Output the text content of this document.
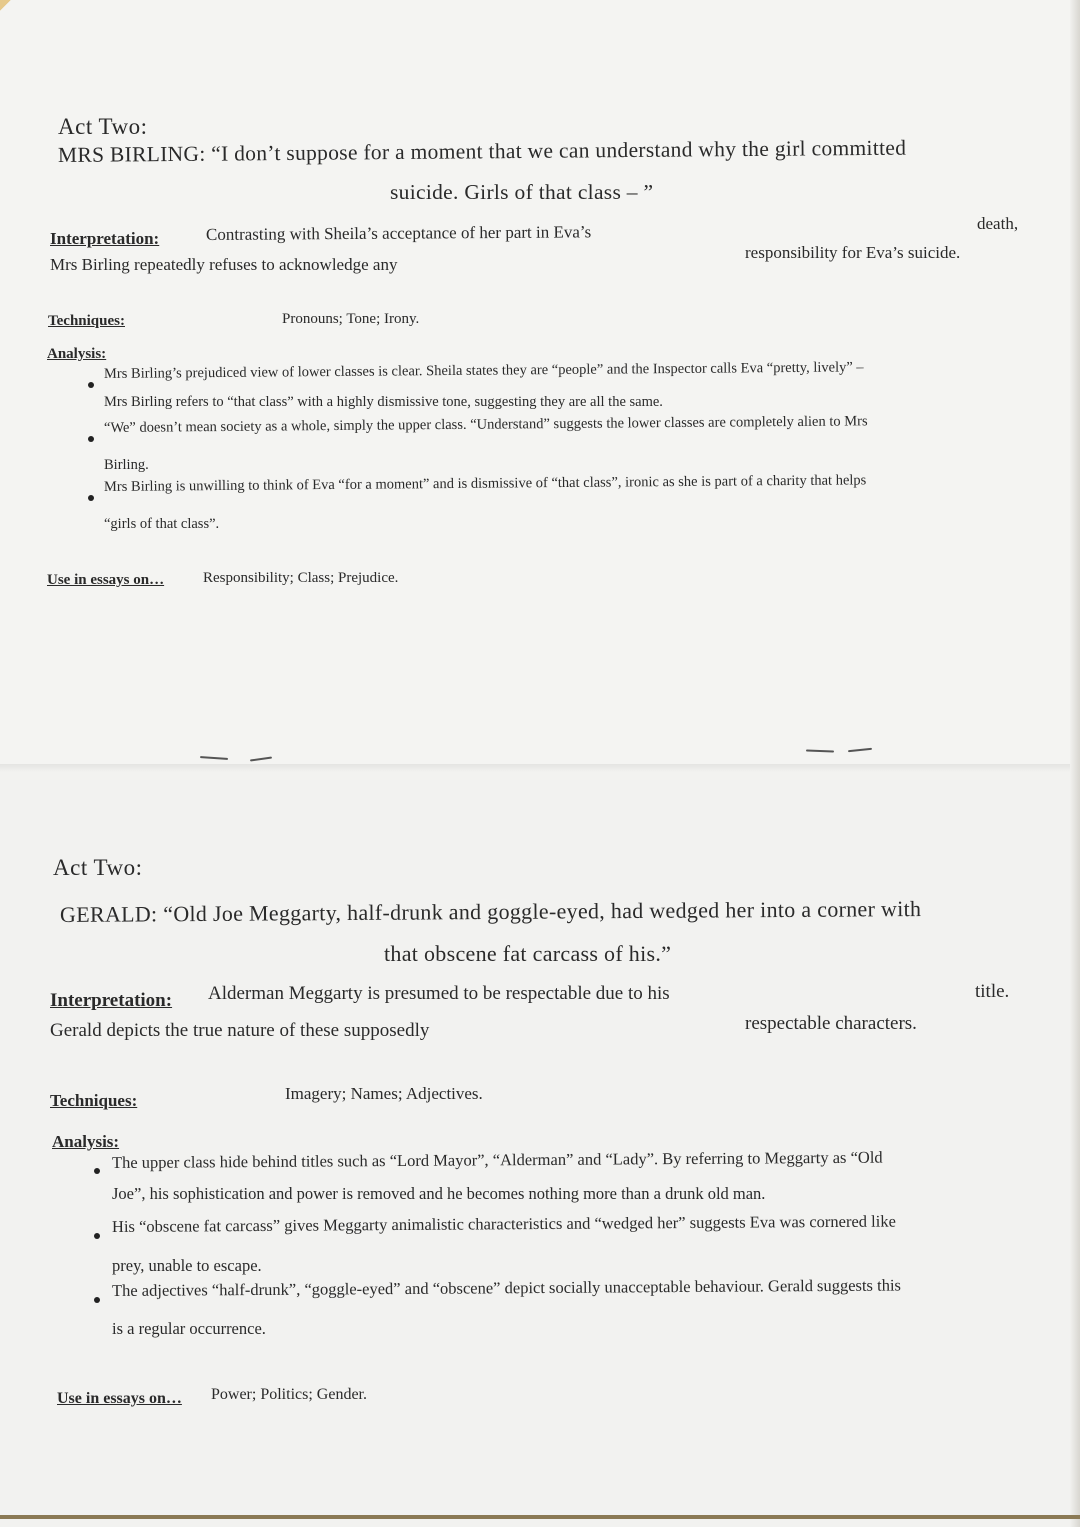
Act Two:
MRS BIRLING: “I don’t suppose for a moment that we can understand why the girl committed
suicide. Girls of that class – ”
Interpretation:	Contrasting with Sheila’s acceptance of her part in Eva’s
Mrs Birling repeatedly refuses to acknowledge any
death,
responsibility for Eva’s suicide.
Techniques:	Pronouns; Tone; Irony.
Analysis:
Mrs Birling’s prejudiced view of lower classes is clear. Sheila states they are “people” and the Inspector calls Eva “pretty, lively” –
Mrs Birling refers to “that class” with a highly dismissive tone, suggesting they are all the same.
“We” doesn’t mean society as a whole, simply the upper class. “Understand” suggests the lower classes are completely alien to Mrs
Birling.
Mrs Birling is unwilling to think of Eva “for a moment” and is dismissive of “that class”, ironic as she is part of a charity that helps
“girls of that class”.
Use in essays on…	Responsibility; Class; Prejudice.
Act Two:
GERALD: “Old Joe Meggarty, half-drunk and goggle-eyed, had wedged her into a corner with
that obscene fat carcass of his.”
Interpretation: Alderman Meggarty is presumed to be respectable due to his
Gerald depicts the true nature of these supposedly
title.
respectable characters.
Techniques:	Imagery; Names; Adjectives.
Analysis:
The upper class hide behind titles such as “Lord Mayor”, “Alderman” and “Lady”. By referring to Meggarty as “Old
Joe”, his sophistication and power is removed and he becomes nothing more than a drunk old man.
His “obscene fat carcass” gives Meggarty animalistic characteristics and “wedged her” suggests Eva was cornered like
prey, unable to escape.
The adjectives “half-drunk”, “goggle-eyed” and “obscene” depict socially unacceptable behaviour. Gerald suggests this
is a regular occurrence.
Use in essays on… Power; Politics; Gender.
